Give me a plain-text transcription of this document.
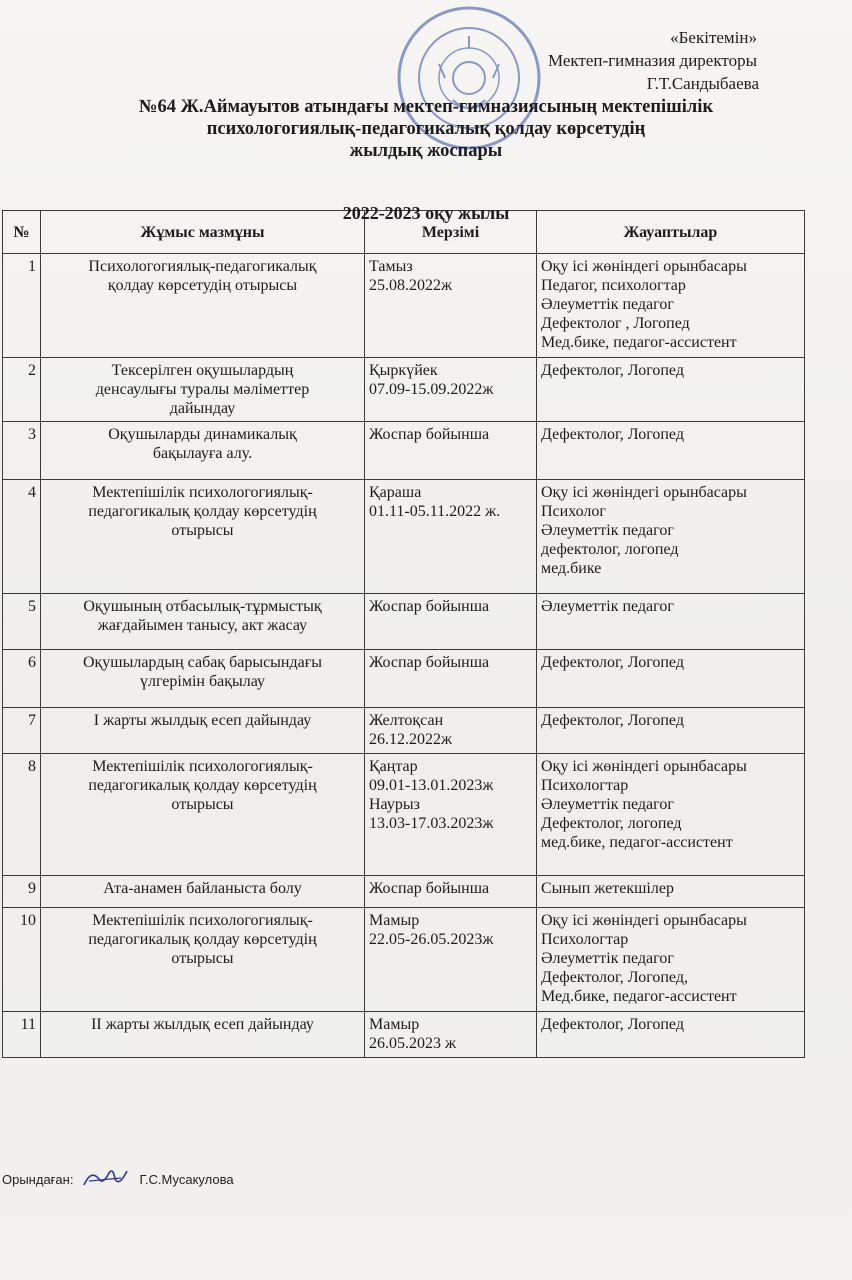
«Бекітемін»
Мектеп-гимназия директоры
Г.Т.Сандыбаева
№64 Ж.Аймауытов атындағы мектеп-гимназиясының мектепішілік
психологогиялық-педагогикалық қолдау көрсетудің
жылдық жоспары
№	Жұмыс мазмұны	Мерзімі	Жауаптылар
1	Психологогиялық-педагогикалық
қолдау көрсетудің отырысы	Тамыз
25.08.2022ж	Оқу ісі жөніндегі орынбасары
Педагог, психологтар
Әлеуметтік педагог
Дефектолог , Логопед
Мед.бике, педагог-ассистент

2	Тексерілген оқушылардың
денсаулығы туралы мәліметтер
дайындау	Қыркүйек
07.09-15.09.2022ж	Дефектолог, Логопед

3	Оқушыларды динамикалық
бақылауға алу.	Жоспар бойынша	Дефектолог, Логопед

4	Мектепішілік психологогиялық-
педагогикалық қолдау көрсетудің
отырысы	Қараша
01.11-05.11.2022 ж.	Оқу ісі жөніндегі орынбасары
Психолог
Әлеуметтік педагог
дефектолог, логопед
мед.бике

5	Оқушының отбасылық-тұрмыстық
жағдайымен танысу, акт жасау	Жоспар бойынша	Әлеуметтік педагог

6	Оқушылардың сабақ барысындағы
үлгерімін бақылау	Жоспар бойынша	Дефектолог, Логопед

7	І жарты жылдық есеп дайындау	Желтоқсан
26.12.2022ж	Дефектолог, Логопед

8	Мектепішілік психологогиялық-
педагогикалық қолдау көрсетудің
отырысы	Қаңтар
09.01-13.01.2023ж
Наурыз
13.03-17.03.2023ж	Оқу ісі жөніндегі орынбасары
Психологтар
Әлеуметтік педагог
Дефектолог, логопед
мед.бике, педагог-ассистент

9	Ата-анамен байланыста болу	Жоспар бойынша	Сынып жетекшілер

10	Мектепішілік психологогиялық-
педагогикалық қолдау көрсетудің
отырысы	Мамыр
22.05-26.05.2023ж	Оқу ісі жөніндегі орынбасары
Психологтар
Әлеуметтік педагог
Дефектолог, Логопед,
Мед.бике, педагог-ассистент

11	ІІ жарты жылдық есеп дайындау	Мамыр
26.05.2023 ж	Дефектолог, Логопед
2022-2023 оқу жылы
Орындаған:	Г.С.Мусакулова
